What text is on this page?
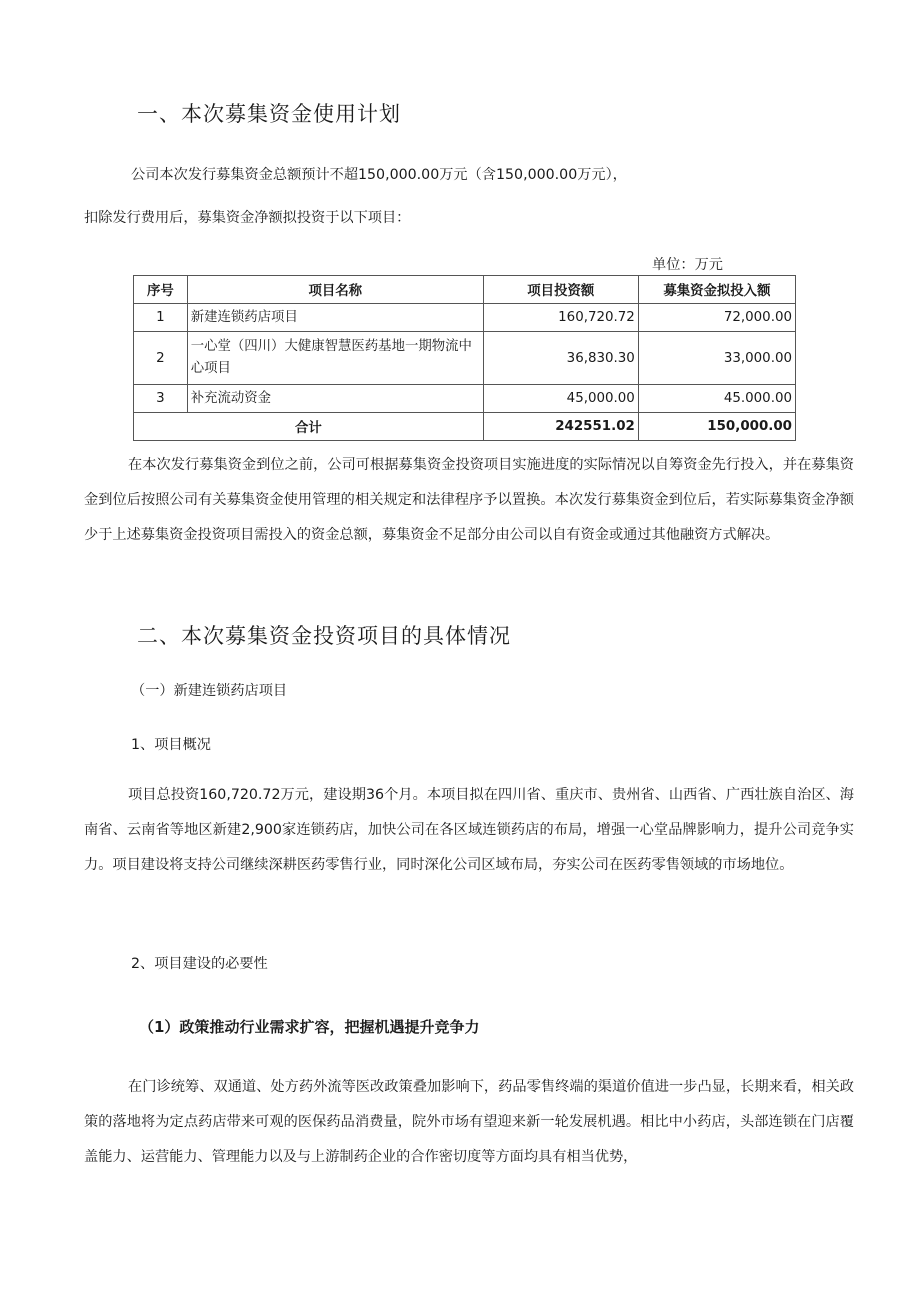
一、本次募集资金使用计划
公司本次发行募集资金总额预计不超150,000.00万元（含150,000.00万元），
扣除发行费用后，募集资金净额拟投资于以下项目：
单位：万元
序号	项目名称	项目投资额	募集资金拟投入额
1	新建连锁药店项目	160,720.72	72,000.00
2	一心堂（四川）大健康智慧医药基地一期物流中心项目	36,830.30	33,000.00
3	补充流动资金	45,000.00	45.000.00
合计		242551.02	150,000.00
在本次发行募集资金到位之前，公司可根据募集资金投资项目实施进度的实际情况以自筹资金先行投入，并在募集资金到位后按照公司有关募集资金使用管理的相关规定和法律程序予以置换。本次发行募集资金到位后，若实际募集资金净额少于上述募集资金投资项目需投入的资金总额，募集资金不足部分由公司以自有资金或通过其他融资方式解决。
二、本次募集资金投资项目的具体情况
（一）新建连锁药店项目
1、项目概况
项目总投资160,720.72万元，建设期36个月。本项目拟在四川省、重庆市、贵州省、山西省、广西壮族自治区、海南省、云南省等地区新建2,900家连锁药店，加快公司在各区域连锁药店的布局，增强一心堂品牌影响力，提升公司竞争实力。项目建设将支持公司继续深耕医药零售行业，同时深化公司区域布局，夯实公司在医药零售领域的市场地位。
2、项目建设的必要性
（1）政策推动行业需求扩容，把握机遇提升竞争力
在门诊统筹、双通道、处方药外流等医改政策叠加影响下，药品零售终端的渠道价值进一步凸显，长期来看，相关政策的落地将为定点药店带来可观的医保药品消费量，院外市场有望迎来新一轮发展机遇。相比中小药店，头部连锁在门店覆盖能力、运营能力、管理能力以及与上游制药企业的合作密切度等方面均具有相当优势，
